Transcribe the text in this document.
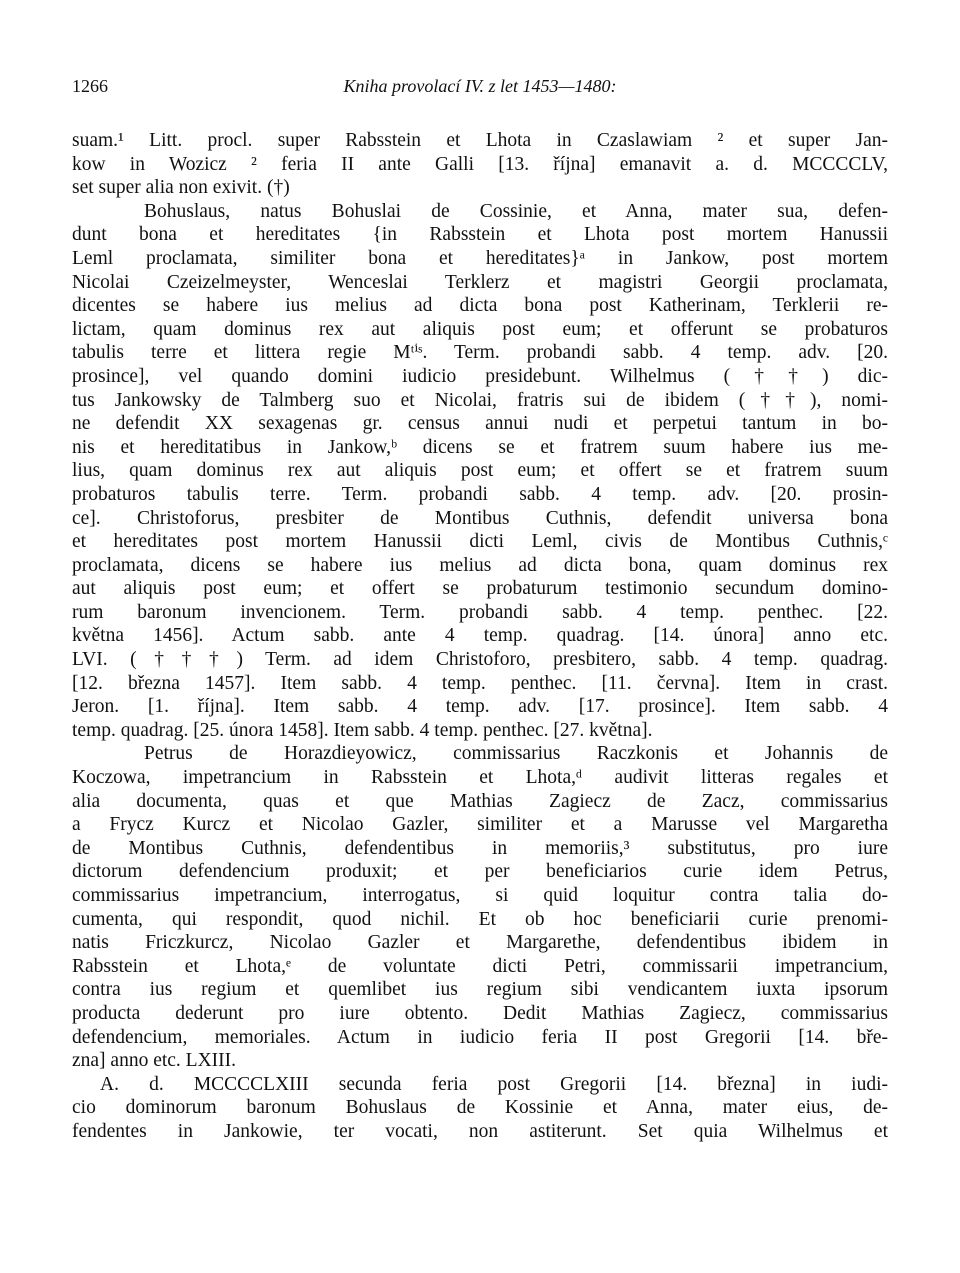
1266	Kniha provolací IV. z let 1453—1480:
suam.¹ Litt. procl. super Rabsstein et Lhota in Czaslawiam ² et super Jan-
kow in Wozicz ² feria II ante Galli [13. října] emanavit a. d. MCCCCLV,
set super alia non exivit. (†)
Bohuslaus, natus Bohuslai de Cossinie, et Anna, mater sua, defen-
dunt bona et hereditates {in Rabsstein et Lhota post mortem Hanussii
Leml proclamata, similiter bona et hereditates}ᵃ in Jankow, post mortem
Nicolai Czeizelmeyster, Wenceslai Terklerz et magistri Georgii proclamata,
dicentes se habere ius melius ad dicta bona post Katherinam, Terklerii re-
lictam, quam dominus rex aut aliquis post eum; et offerunt se probaturos
tabulis terre et littera regie Mᵗⁱˢ. Term. probandi sabb. 4 temp. adv. [20.
prosince], vel quando domini iudicio presidebunt. Wilhelmus (††) dic-
tus Jankowsky de Talmberg suo et Nicolai, fratris sui de ibidem (††), nomi-
ne defendit XX sexagenas gr. census annui nudi et perpetui tantum in bo-
nis et hereditatibus in Jankow,ᵇ dicens se et fratrem suum habere ius me-
lius, quam dominus rex aut aliquis post eum; et offert se et fratrem suum
probaturos tabulis terre. Term. probandi sabb. 4 temp. adv. [20. prosin-
ce]. Christoforus, presbiter de Montibus Cuthnis, defendit universa bona
et hereditates post mortem Hanussii dicti Leml, civis de Montibus Cuthnis,ᶜ
proclamata, dicens se habere ius melius ad dicta bona, quam dominus rex
aut aliquis post eum; et offert se probaturum testimonio secundum domino-
rum baronum invencionem. Term. probandi sabb. 4 temp. penthec. [22.
května 1456]. Actum sabb. ante 4 temp. quadrag. [14. února] anno etc.
LVI. (†††) Term. ad idem Christoforo, presbitero, sabb. 4 temp. quadrag.
[12. března 1457]. Item sabb. 4 temp. penthec. [11. června]. Item in crast.
Jeron. [1. října]. Item sabb. 4 temp. adv. [17. prosince]. Item sabb. 4
temp. quadrag. [25. února 1458]. Item sabb. 4 temp. penthec. [27. května].
Petrus de Horazdieyowicz, commissarius Raczkonis et Johannis de
Koczowa, impetrancium in Rabsstein et Lhota,ᵈ audivit litteras regales et
alia documenta, quas et que Mathias Zagiecz de Zacz, commissarius
a Frycz Kurcz et Nicolao Gazler, similiter et a Marusse vel Margaretha
de Montibus Cuthnis, defendentibus in memoriis,³ substitutus, pro iure
dictorum defendencium produxit; et per beneficiarios curie idem Petrus,
commissarius impetrancium, interrogatus, si quid loquitur contra talia do-
cumenta, qui respondit, quod nichil. Et ob hoc beneficiarii curie prenomi-
natis Friczkurcz, Nicolao Gazler et Margarethe, defendentibus ibidem in
Rabsstein et Lhota,ᵉ de voluntate dicti Petri, commissarii impetrancium,
contra ius regium et quemlibet ius regium sibi vendicantem iuxta ipsorum
producta dederunt pro iure obtento. Dedit Mathias Zagiecz, commissarius
defendencium, memoriales. Actum in iudicio feria II post Gregorii [14. bře-
zna] anno etc. LXIII.
A. d. MCCCCLXIII secunda feria post Gregorii [14. března] in iudi-
cio dominorum baronum Bohuslaus de Kossinie et Anna, mater eius, de-
fendentes in Jankowie, ter vocati, non astiterunt. Set quia Wilhelmus et
